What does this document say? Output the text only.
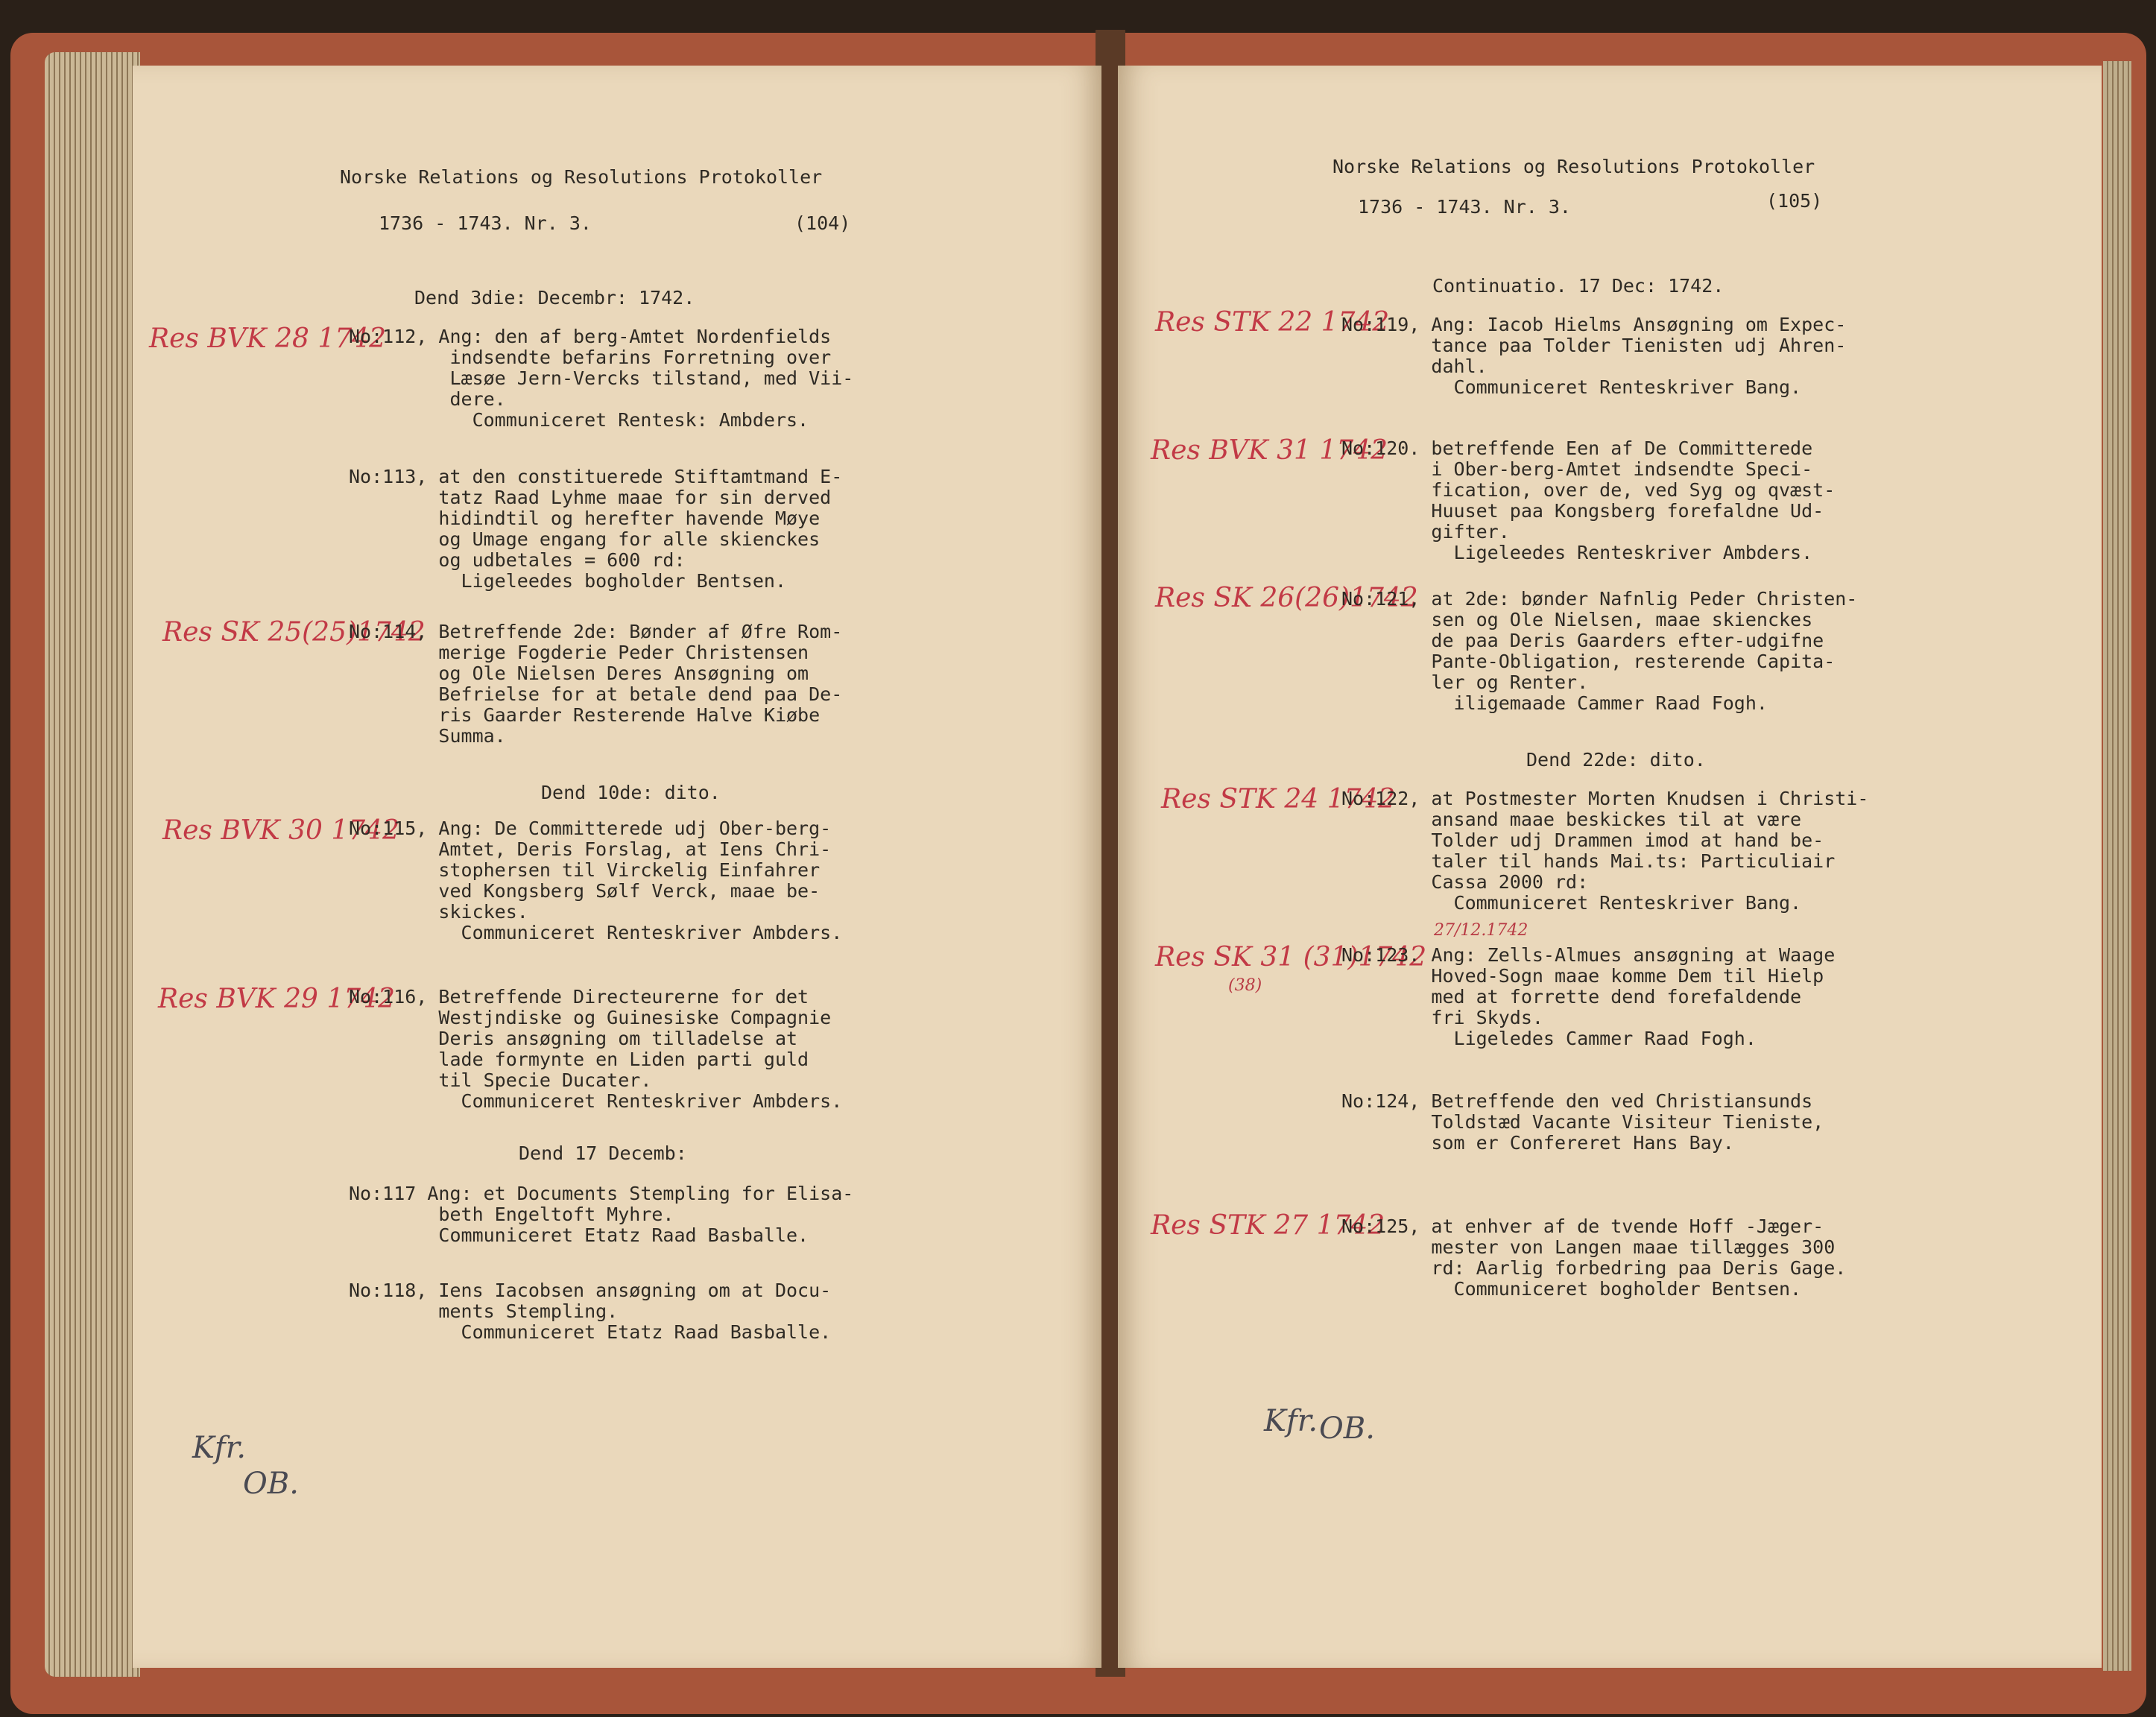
Norske Relations og Resolutions Protokoller
1736 - 1743. Nr. 3.	(104)
Dend 3die: Decembr: 1742.
Res BVK 28 1742
No:112, Ang: den af berg-Amtet Nordenfields
indsendte befarins Forretning over
Læsøe Jern-Vercks tilstand, med Vii-
dere.
Communiceret Rentesk: Ambders.
No:113, at den constituerede Stiftamtmand E-
tatz Raad Lyhme maae for sin derved
hidindtil og herefter havende Møye
og Umage engang for alle skienckes
og udbetales = 600 rd:
Ligeleedes bogholder Bentsen.
Res SK 25(25)1742
No:114, Betreffende 2de: Bønder af Øfre Rom-
merige Fogderie Peder Christensen
og Ole Nielsen Deres Ansøgning om
Befrielse for at betale dend paa De-
ris Gaarder Resterende Halve Kiøbe
Summa.
Dend 10de: dito.
Res BVK 30 1742
No:115, Ang: De Committerede udj Ober-berg-
Amtet, Deris Forslag, at Iens Chri-
stophersen til Virckelig Einfahrer
ved Kongsberg Sølf Verck, maae be-
skickes.
Communiceret Renteskriver Ambders.
Res BVK 29 1742
No:116, Betreffende Directeurerne for det
Westjndiske og Guinesiske Compagnie
Deris ansøgning om tilladelse at
lade formynte en Liden parti guld
til Specie Ducater.
Communiceret Renteskriver Ambders.
Dend 17 Decemb:
No:117 Ang: et Documents Stempling for Elisa-
beth Engeltoft Myhre.
Communiceret Etatz Raad Basballe.
No:118, Iens Iacobsen ansøgning om at Docu-
ments Stempling.
Communiceret Etatz Raad Basballe.
Kfr.
OB.
Norske Relations og Resolutions Protokoller
1736 - 1743. Nr. 3.	(105)
Continuatio. 17 Dec: 1742.
Res STK 22 1742
No:119, Ang: Iacob Hielms Ansøgning om Expec-
tance paa Tolder Tienisten udj Ahren-
dahl.
Communiceret Renteskriver Bang.
Res BVK 31 1742
No:120. betreffende Een af De Committerede
i Ober-berg-Amtet indsendte Speci-
fication, over de, ved Syg og qvæst-
Huuset paa Kongsberg forefaldne Ud-
gifter.
Ligeleedes Renteskriver Ambders.
Res SK 26(26)1742
No:121, at 2de: bønder Nafnlig Peder Christen-
sen og Ole Nielsen, maae skienckes
de paa Deris Gaarders efter-udgifne
Pante-Obligation, resterende Capita-
ler og Renter.
iligemaade Cammer Raad Fogh.
Dend 22de: dito.
Res STK 24 1742
No:122, at Postmester Morten Knudsen i Christi-
ansand maae beskickes til at være
Tolder udj Drammen imod at hand be-
taler til hands Mai.ts: Particuliair
Cassa 2000 rd:
Communiceret Renteskriver Bang.
27/12.1742
Res SK 31 (31)1742
(38)
No:123. Ang: Zells-Almues ansøgning at Waage
Hoved-Sogn maae komme Dem til Hielp
med at forrette dend forefaldende
fri Skyds.
Ligeledes Cammer Raad Fogh.
No:124, Betreffende den ved Christiansunds
Toldstæd Vacante Visiteur Tieniste,
som er Confereret Hans Bay.
Res STK 27 1742
No:125, at enhver af de tvende Hoff -Jæger-
mester von Langen maae tillægges 300
rd: Aarlig forbedring paa Deris Gage.
Communiceret bogholder Bentsen.
Kfr. OB.
